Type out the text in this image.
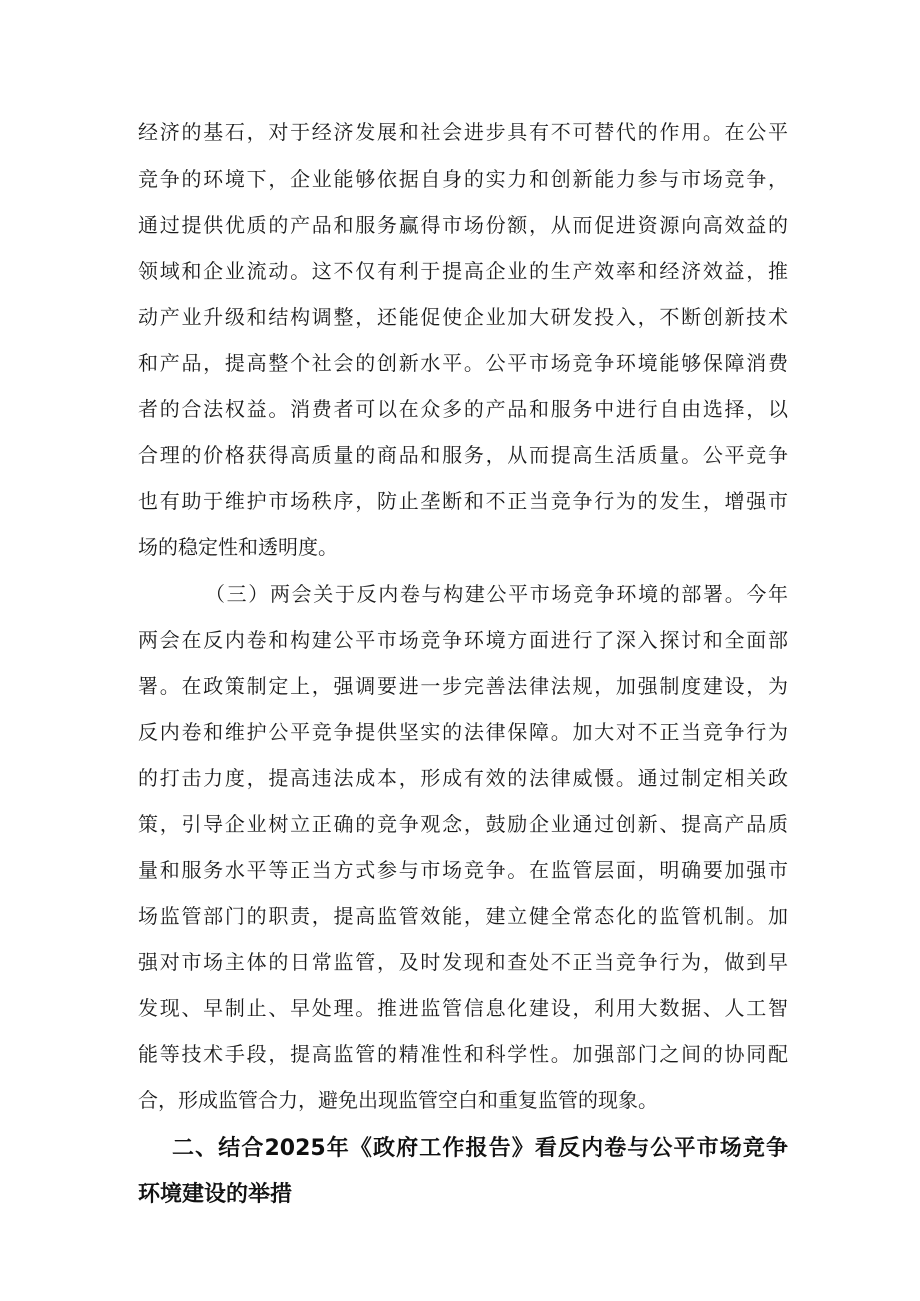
经济的基石，对于经济发展和社会进步具有不可替代的作用。在公平
竞争的环境下，企业能够依据自身的实力和创新能力参与市场竞争，
通过提供优质的产品和服务赢得市场份额，从而促进资源向高效益的
领域和企业流动。这不仅有利于提高企业的生产效率和经济效益，推
动产业升级和结构调整，还能促使企业加大研发投入，不断创新技术
和产品，提高整个社会的创新水平。公平市场竞争环境能够保障消费
者的合法权益。消费者可以在众多的产品和服务中进行自由选择，以
合理的价格获得高质量的商品和服务，从而提高生活质量。公平竞争
也有助于维护市场秩序，防止垄断和不正当竞争行为的发生，增强市
场的稳定性和透明度。
（三）两会关于反内卷与构建公平市场竞争环境的部署。今年
两会在反内卷和构建公平市场竞争环境方面进行了深入探讨和全面部
署。在政策制定上，强调要进一步完善法律法规，加强制度建设，为
反内卷和维护公平竞争提供坚实的法律保障。加大对不正当竞争行为
的打击力度，提高违法成本，形成有效的法律威慑。通过制定相关政
策，引导企业树立正确的竞争观念，鼓励企业通过创新、提高产品质
量和服务水平等正当方式参与市场竞争。在监管层面，明确要加强市
场监管部门的职责，提高监管效能，建立健全常态化的监管机制。加
强对市场主体的日常监管，及时发现和查处不正当竞争行为，做到早
发现、早制止、早处理。推进监管信息化建设，利用大数据、人工智
能等技术手段，提高监管的精准性和科学性。加强部门之间的协同配
合，形成监管合力，避免出现监管空白和重复监管的现象。
二、结合2025年《政府工作报告》看反内卷与公平市场竞争
环境建设的举措
